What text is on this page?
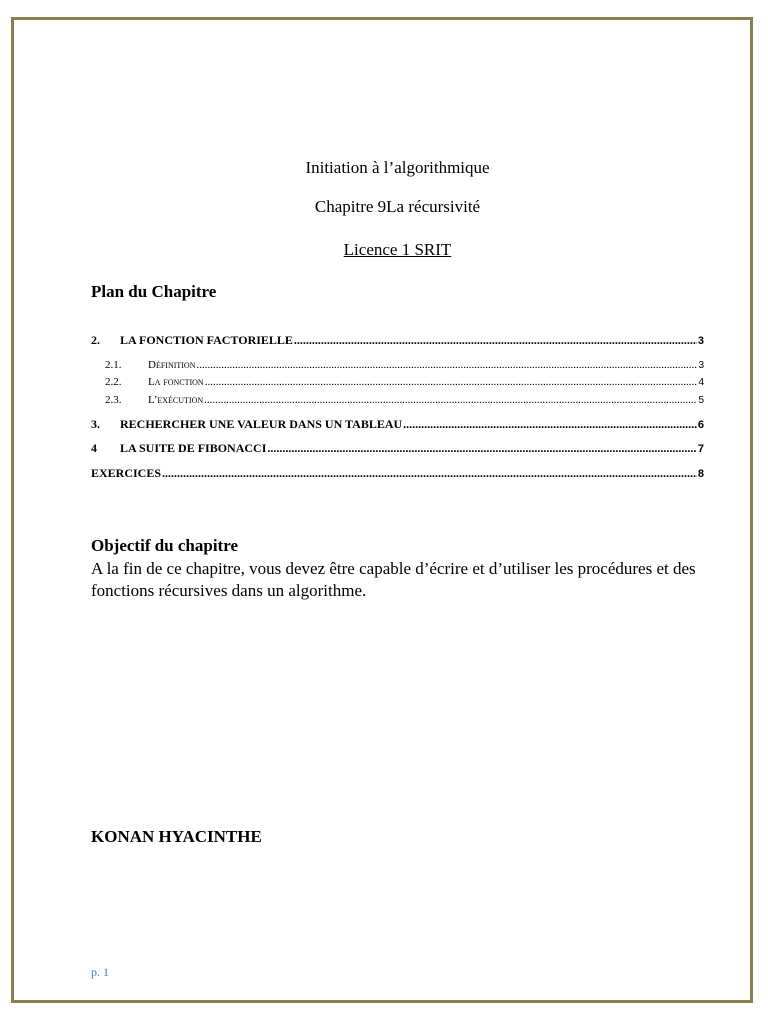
Initiation à l’algorithmique
Chapitre 9La récursivité
Licence 1 SRIT
Plan du Chapitre
2.	LA FONCTION FACTORIELLE .....	3
2.1.	Définition .....	3
2.2.	La fonction .....	4
2.3.	L’exécution .....	5
3.	RECHERCHER UNE VALEUR DANS UN TABLEAU .....	6
4	LA SUITE DE FIBONACCI .....	7
EXERCICES .....	8
Objectif du chapitre
A la fin de ce chapitre, vous devez être capable d’écrire et d’utiliser les procédures et des fonctions récursives dans un algorithme.
KONAN HYACINTHE
p. 1
